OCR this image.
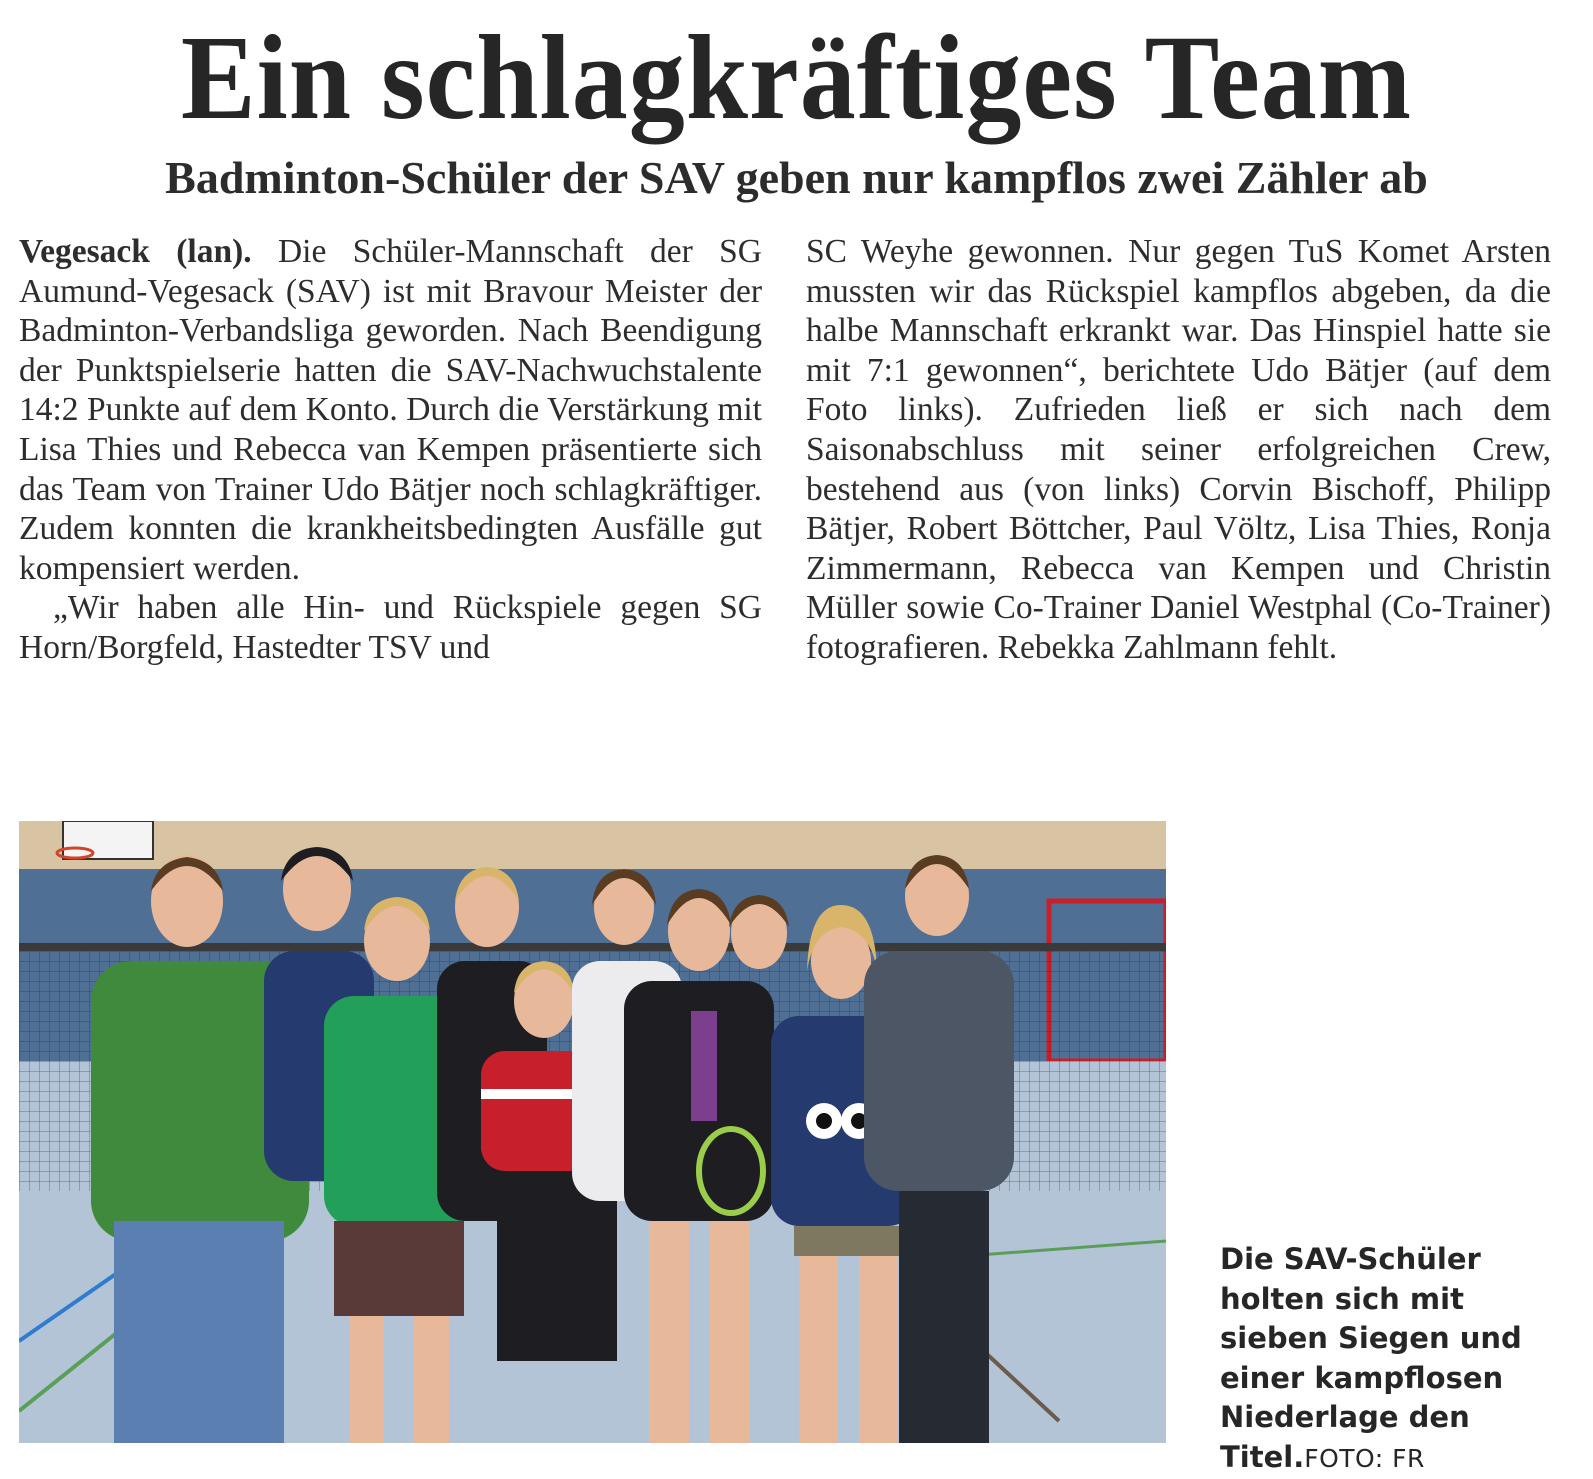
Ein schlagkräftiges Team
Badminton-Schüler der SAV geben nur kampflos zwei Zähler ab

Vegesack (lan). Die Schüler-Mannschaft der SG Aumund-Vegesack (SAV) ist mit Bravour Meister der Badminton-Verbandsliga geworden. Nach Beendigung der Punktspielserie hatten die SAV-Nachwuchstalente 14:2 Punkte auf dem Konto. Durch die Verstärkung mit Lisa Thies und Rebecca van Kempen präsentierte sich das Team von Trainer Udo Bätjer noch schlagkräftiger. Zudem konnten die krankheitsbedingten Ausfälle gut kompensiert werden.

„Wir haben alle Hin- und Rückspiele gegen SG Horn/Borgfeld, Hastedter TSV und

SC Weyhe gewonnen. Nur gegen TuS Komet Arsten mussten wir das Rückspiel kampflos abgeben, da die halbe Mannschaft erkrankt war. Das Hinspiel hatte sie mit 7:1 gewonnen“, berichtete Udo Bätjer (auf dem Foto links). Zufrieden ließ er sich nach dem Saisonabschluss mit seiner erfolgreichen Crew, bestehend aus (von links) Corvin Bischoff, Philipp Bätjer, Robert Böttcher, Paul Völtz, Lisa Thies, Ronja Zimmermann, Rebecca van Kempen und Christin Müller sowie Co-Trainer Daniel Westphal (Co-Trainer) fotografieren. Rebekka Zahlmann fehlt.

Die SAV-Schüler holten sich mit sieben Siegen und einer kampflosen Niederlage den Titel.FOTO: FR
